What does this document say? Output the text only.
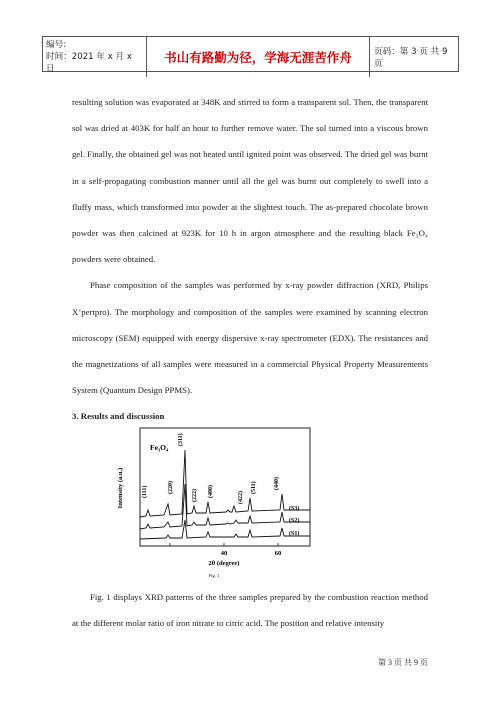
编号:
时间：2021 年 x 月 x 日
书山有路勤为径，学海无涯苦作舟	页码：第 3 页 共 9 页

resulting solution was evaporated at 348K and stirred to form a transparent sol. Then, the transparent sol was dried at 403K for half an hour to further remove water. The sol turned into a viscous brown gel. Finally, the obtained gel was not heated until ignited point was observed. The dried gel was burnt in a self-propagating combustion manner until all the gel was burnt out completely to swell into a fluffy mass, which transformed into powder at the slightest touch. The as-prepared chocolate brown powder was then calcined at 923K for 10 h in argon atmosphere and the resulting black Fe₃O₄ powders were obtained.

Phase composition of the samples was performed by x-ray powder diffraction (XRD, Philips X’pertpro). The morphology and composition of the samples were examined by scanning electron microscopy (SEM) equipped with energy dispersive x-ray spectrometer (EDX). The resistances and the magnetizations of all samples were measured in a commercial Physical Property Measurements System (Quantum Design PPMS).

3. Results and discussion

Intensity (a.u.)
Fe₃O₄
(111)	(220)
(311)
(222) (400)	(422)
(511)	(440)
(S3)
(S2)
(S1)
40	60
2θ (degree)
Fig. 1

Fig. 1 displays XRD patterns of the three samples prepared by the combustion reaction method at the different molar ratio of iron nitrate to citric acid. The position and relative intensity

第 3 页 共 9 页
